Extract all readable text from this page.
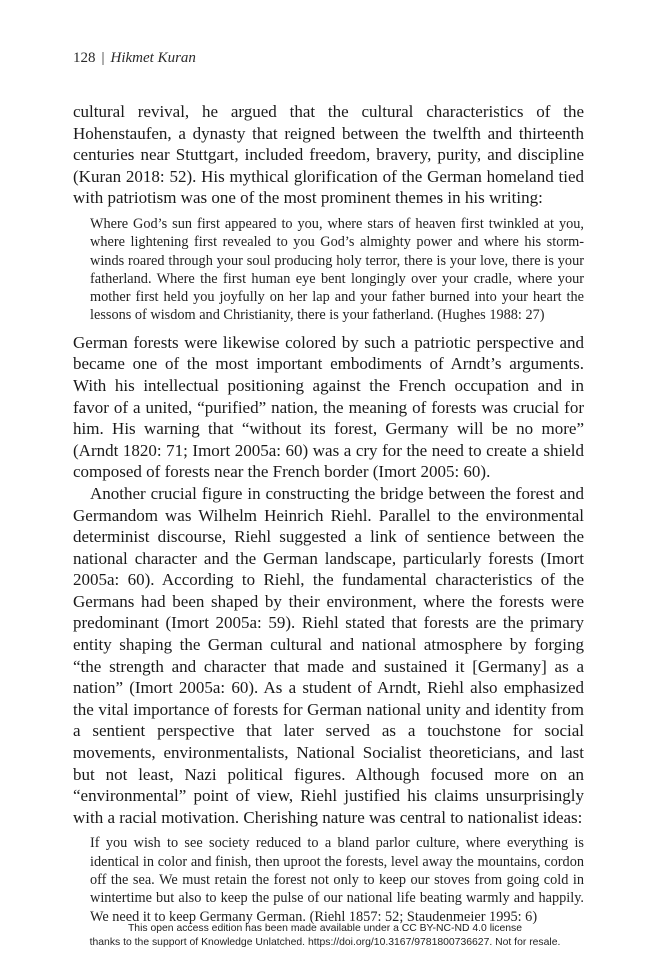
128 | Hikmet Kuran

cultural revival, he argued that the cultural characteristics of the Hohenstaufen, a dynasty that reigned between the twelfth and thirteenth centuries near Stuttgart, included freedom, bravery, purity, and discipline (Kuran 2018: 52). His mythical glorification of the German homeland tied with patriotism was one of the most prominent themes in his writing:

Where God’s sun first appeared to you, where stars of heaven first twinkled at you, where lightening first revealed to you God’s almighty power and where his storm-winds roared through your soul producing holy terror, there is your love, there is your fatherland. Where the first human eye bent longingly over your cradle, where your mother first held you joyfully on her lap and your father burned into your heart the lessons of wisdom and Christianity, there is your fatherland. (Hughes 1988: 27)

German forests were likewise colored by such a patriotic perspective and became one of the most important embodiments of Arndt’s arguments. With his intellectual positioning against the French occupation and in favor of a united, “purified” nation, the meaning of forests was crucial for him. His warning that “without its forest, Germany will be no more” (Arndt 1820: 71; Imort 2005a: 60) was a cry for the need to create a shield composed of forests near the French border (Imort 2005: 60).

Another crucial figure in constructing the bridge between the forest and Germandom was Wilhelm Heinrich Riehl. Parallel to the environmental determinist discourse, Riehl suggested a link of sentience between the national character and the German landscape, particularly forests (Imort 2005a: 60). According to Riehl, the fundamental characteristics of the Germans had been shaped by their environment, where the forests were predominant (Imort 2005a: 59). Riehl stated that forests are the primary entity shaping the German cultural and national atmosphere by forging “the strength and character that made and sustained it [Germany] as a nation” (Imort 2005a: 60). As a student of Arndt, Riehl also emphasized the vital importance of forests for German national unity and identity from a sentient perspective that later served as a touchstone for social movements, environmentalists, National Socialist theoreticians, and last but not least, Nazi political figures. Although focused more on an “environmental” point of view, Riehl justified his claims unsurprisingly with a racial motivation. Cherishing nature was central to nationalist ideas:

If you wish to see society reduced to a bland parlor culture, where everything is identical in color and finish, then uproot the forests, level away the mountains, cordon off the sea. We must retain the forest not only to keep our stoves from going cold in wintertime but also to keep the pulse of our national life beating warmly and happily. We need it to keep Germany German. (Riehl 1857: 52; Staudenmeier 1995: 6)

This open access edition has been made available under a CC BY-NC-ND 4.0 license
thanks to the support of Knowledge Unlatched. https://doi.org/10.3167/9781800736627. Not for resale.
